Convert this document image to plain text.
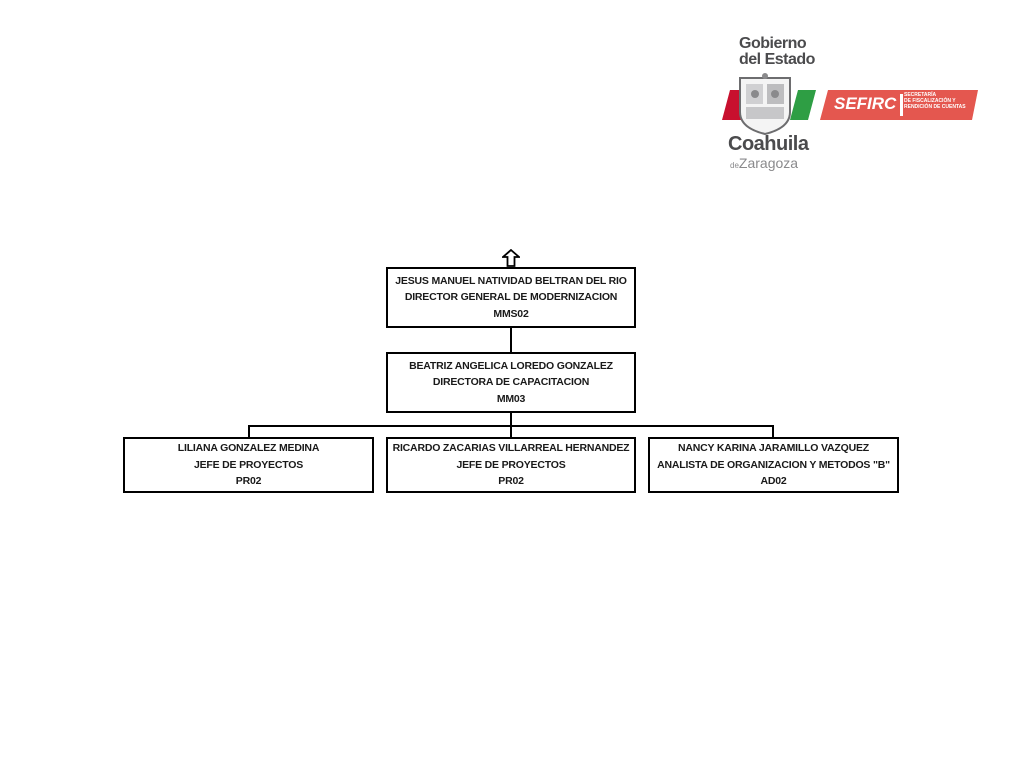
Gobierno
del Estado
SEFIRC SECRETARÍA
DE FISCALIZACIÓN Y
RENDICIÓN DE CUENTAS
Coahuila
deZaragoza
JESUS MANUEL NATIVIDAD BELTRAN DEL RIO
DIRECTOR GENERAL DE MODERNIZACION
MMS02
BEATRIZ ANGELICA LOREDO GONZALEZ
DIRECTORA DE CAPACITACION
MM03
LILIANA GONZALEZ MEDINA
JEFE DE PROYECTOS
PR02
RICARDO ZACARIAS VILLARREAL HERNANDEZ
JEFE DE PROYECTOS
PR02
NANCY KARINA JARAMILLO VAZQUEZ
ANALISTA DE ORGANIZACION Y METODOS "B"
AD02
